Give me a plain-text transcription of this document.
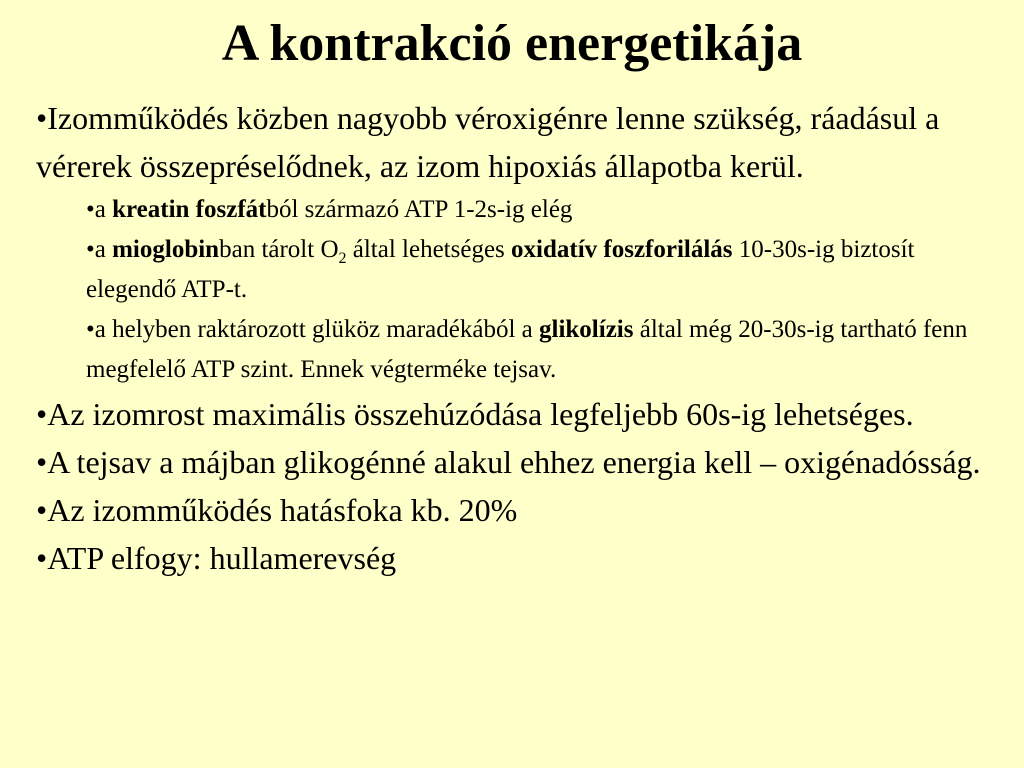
A kontrakció energetikája

•Izomműködés közben nagyobb véroxigénre lenne szükség, ráadásul a vérerek összepréselődnek, az izom hipoxiás állapotba kerül.

•a kreatin foszfátból származó ATP 1-2s-ig elég

•a mioglobinban tárolt $O_2$ által lehetséges oxidatív foszforilálás 10-30s-ig biztosít elegendő ATP-t.

•a helyben raktározott glüköz maradékából a glikolízis által még 20-30s-ig tartható fenn megfelelő ATP szint. Ennek végterméke tejsav.

•Az izomrost maximális összehúzódása legfeljebb 60s-ig lehetséges.

•A tejsav a májban glikogénné alakul ehhez energia kell – oxigénadósság.

•Az izomműködés hatásfoka kb. 20%

•ATP elfogy: hullamerevség
